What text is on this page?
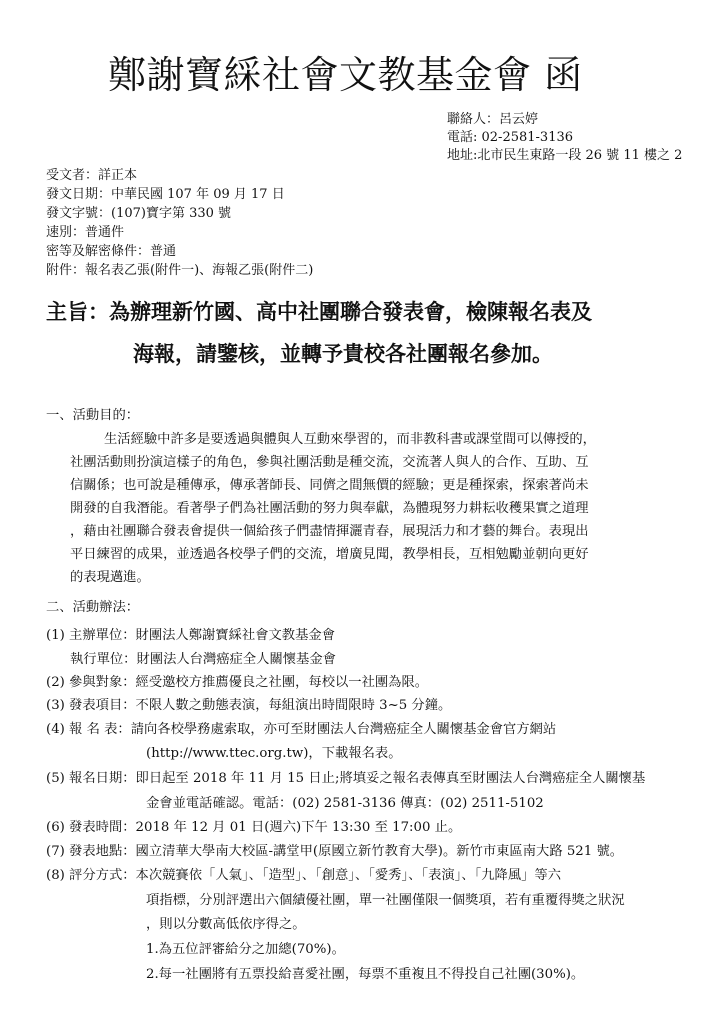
鄭謝寶綵社會文教基金會 函
聯絡人：呂云婷
電話: 02-2581-3136
地址:北市民生東路一段 26 號 11 樓之 2
受文者：詳正本
發文日期：中華民國 107 年 09 月 17 日
發文字號：(107)寶字第 330 號
速別：普通件
密等及解密條件：普通
附件：報名表乙張(附件一)、海報乙張(附件二)
主旨：為辦理新竹國、高中社團聯合發表會，檢陳報名表及
海報，請鑒核，並轉予貴校各社團報名參加。
一、活動目的：
生活經驗中許多是要透過與體與人互動來學習的，而非教科書或課堂間可以傳授的，
社團活動則扮演這樣子的角色，參與社團活動是種交流，交流著人與人的合作、互助、互
信關係；也可說是種傳承，傳承著師長、同儕之間無價的經驗；更是種探索，探索著尚未
開發的自我潛能。看著學子們為社團活動的努力與奉獻，為體現努力耕耘收穫果實之道理
，藉由社團聯合發表會提供一個給孩子們盡情揮灑青春，展現活力和才藝的舞台。表現出
平日練習的成果，並透過各校學子們的交流，增廣見聞，教學相長，互相勉勵並朝向更好
的表現邁進。
二、活動辦法：
(1) 主辦單位：財團法人鄭謝寶綵社會文教基金會
執行單位：財團法人台灣癌症全人關懷基金會
(2) 參與對象：經受邀校方推薦優良之社團，每校以一社團為限。
(3) 發表項目：不限人數之動態表演，每組演出時間限時 3~5 分鐘。
(4) 報 名 表：請向各校學務處索取，亦可至財團法人台灣癌症全人關懷基金會官方網站
(http://www.ttec.org.tw)，下載報名表。
(5) 報名日期：即日起至 2018 年 11 月 15 日止;將填妥之報名表傳真至財團法人台灣癌症全人關懷基
金會並電話確認。電話：(02) 2581-3136 傳真：(02) 2511-5102
(6) 發表時間：2018 年 12 月 01 日(週六)下午 13:30 至 17:00 止。
(7) 發表地點：國立清華大學南大校區-講堂甲(原國立新竹教育大學)。新竹市東區南大路 521 號。
(8) 評分方式：本次競賽依「人氣」、「造型」、「創意」、「愛秀」、「表演」、「九降風」等六
項指標，分別評選出六個績優社團，單一社團僅限一個獎項，若有重覆得獎之狀況
，則以分數高低依序得之。
1.為五位評審給分之加總(70%)。
2.每一社團將有五票投給喜愛社團，每票不重複且不得投自己社團(30%)。
